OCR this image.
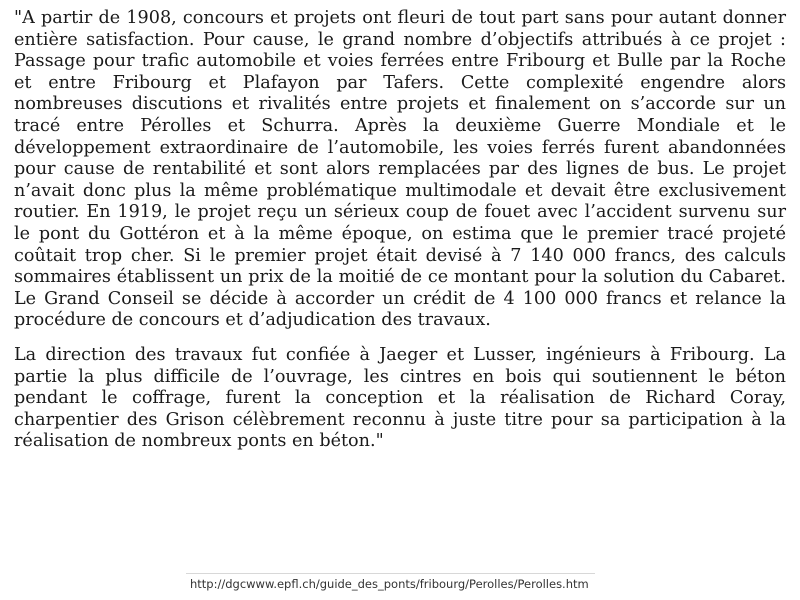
"A partir de 1908, concours et projets ont fleuri de tout part sans pour autant donner entière satisfaction. Pour cause, le grand nombre d’objectifs attribués à ce projet : Passage pour trafic automobile et voies ferrées entre Fribourg et Bulle par la Roche et entre Fribourg et Plafayon par Tafers. Cette complexité engendre alors nombreuses discutions et rivalités entre projets et finalement on s’accorde sur un tracé entre Pérolles et Schurra. Après la deuxième Guerre Mondiale et le développement extraordinaire de l’automobile, les voies ferrés furent abandonnées pour cause de rentabilité et sont alors remplacées par des lignes de bus. Le projet n’avait donc plus la même problématique multimodale et devait être exclusivement routier. En 1919, le projet reçu un sérieux coup de fouet avec l’accident survenu sur le pont du Gottéron et à la même époque, on estima que le premier tracé projeté coûtait trop cher. Si le premier projet était devisé à 7 140 000 francs, des calculs sommaires établissent un prix de la moitié de ce montant pour la solution du Cabaret. Le Grand Conseil se décide à accorder un crédit de 4 100 000 francs et relance la procédure de concours et d’adjudication des travaux.

La direction des travaux fut confiée à Jaeger et Lusser, ingénieurs à Fribourg. La partie la plus difficile de l’ouvrage, les cintres en bois qui soutiennent le béton pendant le coffrage, furent la conception et la réalisation de Richard Coray, charpentier des Grison célèbrement reconnu à juste titre pour sa participation à la réalisation de nombreux ponts en béton."

http://dgcwww.epfl.ch/guide_des_ponts/fribourg/Perolles/Perolles.htm
